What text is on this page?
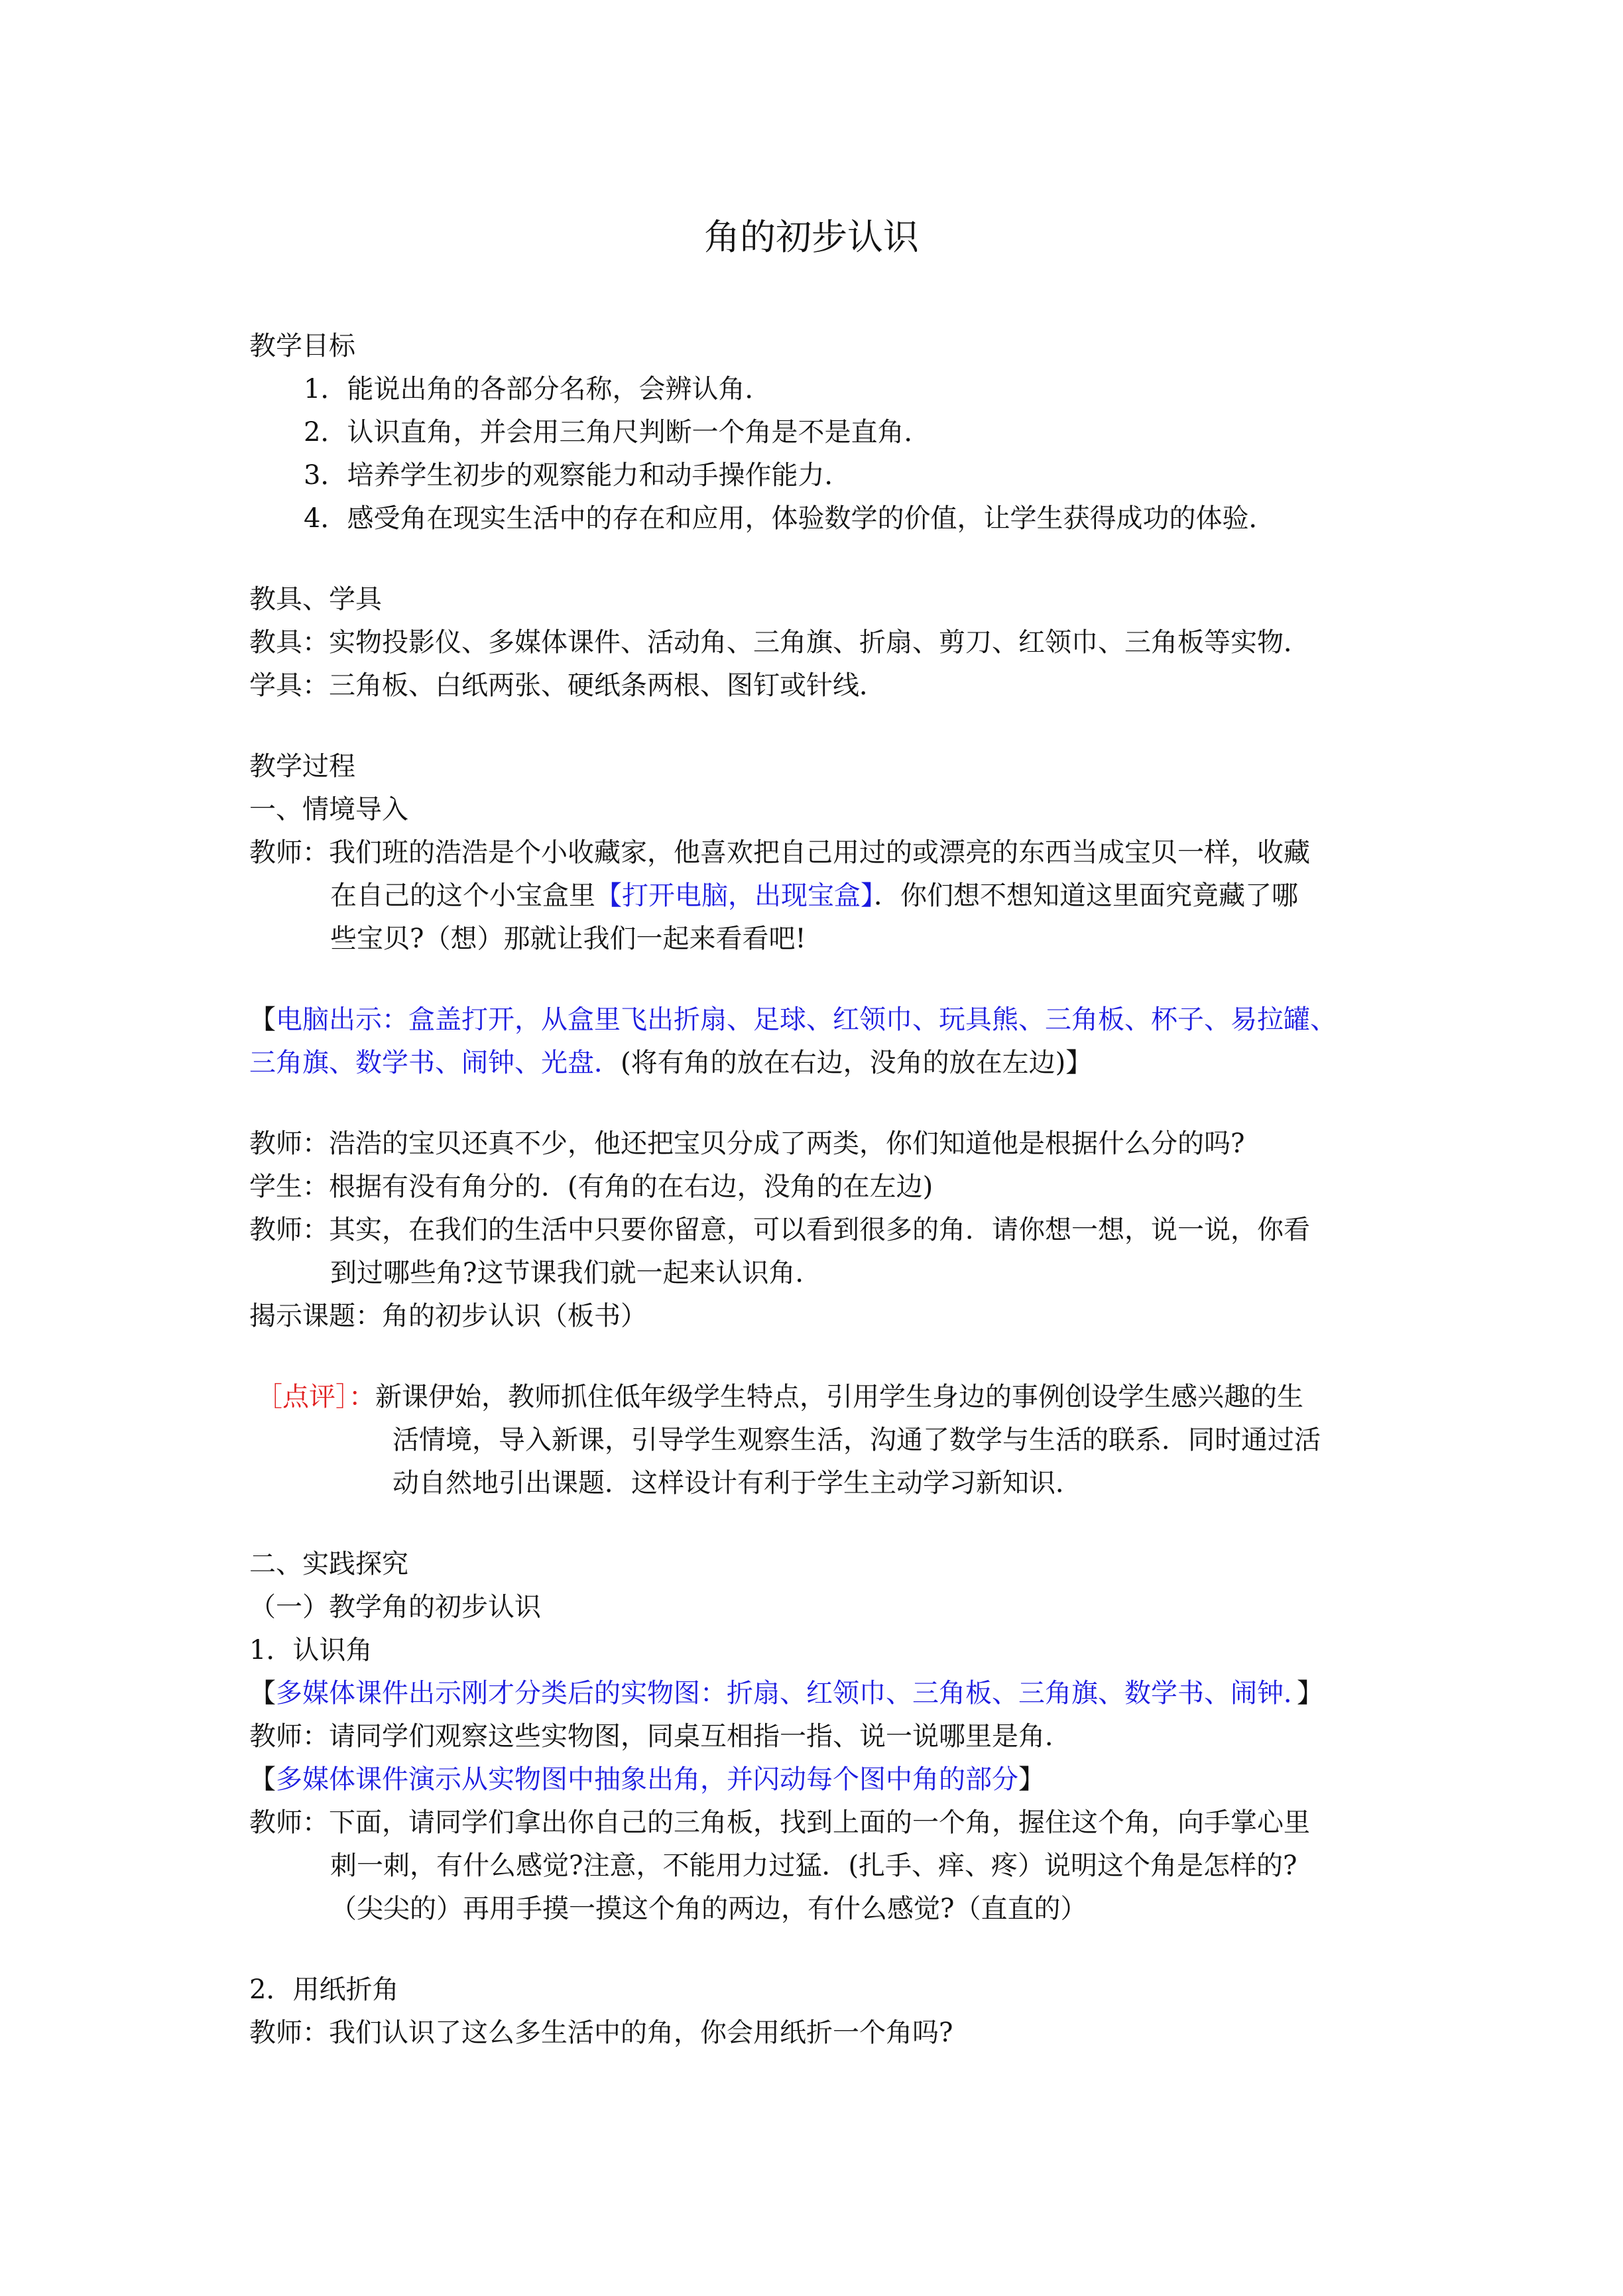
角的初步认识
教学目标
1．能说出角的各部分名称，会辨认角．
2．认识直角，并会用三角尺判断一个角是不是直角．
3．培养学生初步的观察能力和动手操作能力．
4．感受角在现实生活中的存在和应用，体验数学的价值，让学生获得成功的体验．
教具、学具
教具：实物投影仪、多媒体课件、活动角、三角旗、折扇、剪刀、红领巾、三角板等实物．
学具：三角板、白纸两张、硬纸条两根、图钉或针线．
教学过程
一、情境导入
教师：我们班的浩浩是个小收藏家，他喜欢把自己用过的或漂亮的东西当成宝贝一样，收藏
在自己的这个小宝盒里【打开电脑，出现宝盒】．你们想不想知道这里面究竟藏了哪
些宝贝?（想）那就让我们一起来看看吧!
【电脑出示：盒盖打开，从盒里飞出折扇、足球、红领巾、玩具熊、三角板、杯子、易拉罐、
三角旗、数学书、闹钟、光盘．(将有角的放在右边，没角的放在左边)】
教师：浩浩的宝贝还真不少，他还把宝贝分成了两类，你们知道他是根据什么分的吗?
学生：根据有没有角分的．(有角的在右边，没角的在左边)
教师：其实，在我们的生活中只要你留意，可以看到很多的角．请你想一想，说一说，你看
到过哪些角?这节课我们就一起来认识角．
揭示课题：角的初步认识（板书）
［点评］：新课伊始，教师抓住低年级学生特点，引用学生身边的事例创设学生感兴趣的生
活情境，导入新课，引导学生观察生活，沟通了数学与生活的联系．同时通过活
动自然地引出课题．这样设计有利于学生主动学习新知识．
二、实践探究
（一）教学角的初步认识
1．认识角
【多媒体课件出示刚才分类后的实物图：折扇、红领巾、三角板、三角旗、数学书、闹钟．】
教师：请同学们观察这些实物图，同桌互相指一指、说一说哪里是角．
【多媒体课件演示从实物图中抽象出角，并闪动每个图中角的部分】
教师：下面，请同学们拿出你自己的三角板，找到上面的一个角，握住这个角，向手掌心里
刺一刺，有什么感觉?注意，不能用力过猛．(扎手、痒、疼）说明这个角是怎样的?
（尖尖的）再用手摸一摸这个角的两边，有什么感觉?（直直的）
2．用纸折角
教师：我们认识了这么多生活中的角，你会用纸折一个角吗?
